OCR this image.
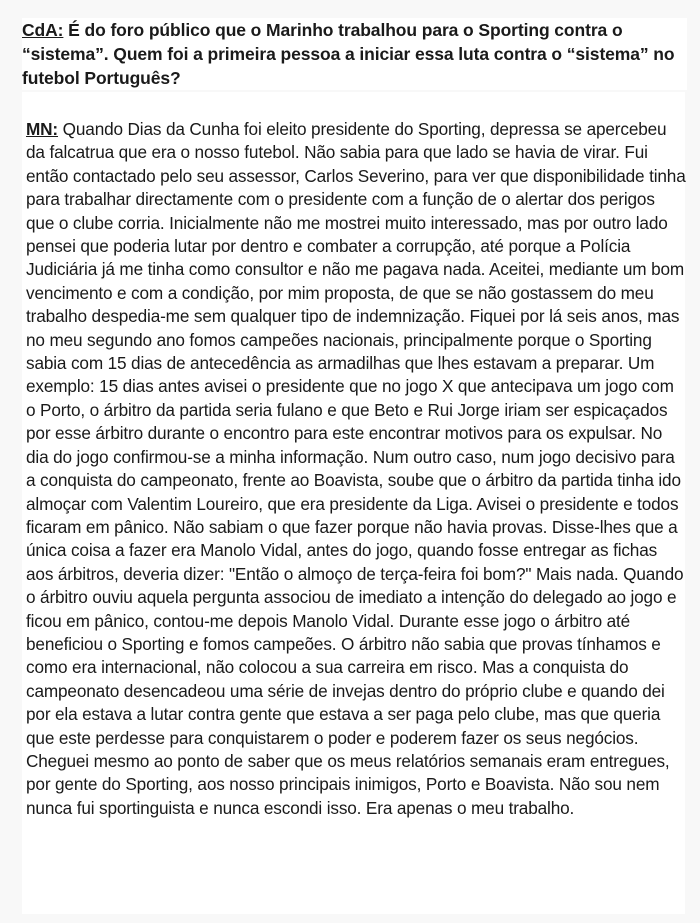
CdA: É do foro público que o Marinho trabalhou para o Sporting contra o “sistema”. Quem foi a primeira pessoa a iniciar essa luta contra o “sistema” no futebol Português?

MN: Quando Dias da Cunha foi eleito presidente do Sporting, depressa se apercebeu da falcatrua que era o nosso futebol. Não sabia para que lado se havia de virar. Fui então contactado pelo seu assessor, Carlos Severino, para ver que disponibilidade tinha para trabalhar directamente com o presidente com a função de o alertar dos perigos que o clube corria. Inicialmente não me mostrei muito interessado, mas por outro lado pensei que poderia lutar por dentro e combater a corrupção, até porque a Polícia Judiciária já me tinha como consultor e não me pagava nada. Aceitei, mediante um bom vencimento e com a condição, por mim proposta, de que se não gostassem do meu trabalho despedia-me sem qualquer tipo de indemnização. Fiquei por lá seis anos, mas no meu segundo ano fomos campeões nacionais, principalmente porque o Sporting sabia com 15 dias de antecedência as armadilhas que lhes estavam a preparar. Um exemplo: 15 dias antes avisei o presidente que no jogo X que antecipava um jogo com o Porto, o árbitro da partida seria fulano e que Beto e Rui Jorge iriam ser espicaçados por esse árbitro durante o encontro para este encontrar motivos para os expulsar. No dia do jogo confirmou-se a minha informação. Num outro caso, num jogo decisivo para a conquista do campeonato, frente ao Boavista, soube que o árbitro da partida tinha ido almoçar com Valentim Loureiro, que era presidente da Liga. Avisei o presidente e todos ficaram em pânico. Não sabiam o que fazer porque não havia provas. Disse-lhes que a única coisa a fazer era Manolo Vidal, antes do jogo, quando fosse entregar as fichas aos árbitros, deveria dizer: "Então o almoço de terça-feira foi bom?" Mais nada. Quando o árbitro ouviu aquela pergunta associou de imediato a intenção do delegado ao jogo e ficou em pânico, contou-me depois Manolo Vidal. Durante esse jogo o árbitro até beneficiou o Sporting e fomos campeões. O árbitro não sabia que provas tínhamos e como era internacional, não colocou a sua carreira em risco. Mas a conquista do campeonato desencadeou uma série de invejas dentro do próprio clube e quando dei por ela estava a lutar contra gente que estava a ser paga pelo clube, mas que queria que este perdesse para conquistarem o poder e poderem fazer os seus negócios. Cheguei mesmo ao ponto de saber que os meus relatórios semanais eram entregues, por gente do Sporting, aos nosso principais inimigos, Porto e Boavista. Não sou nem nunca fui sportinguista e nunca escondi isso. Era apenas o meu trabalho.
